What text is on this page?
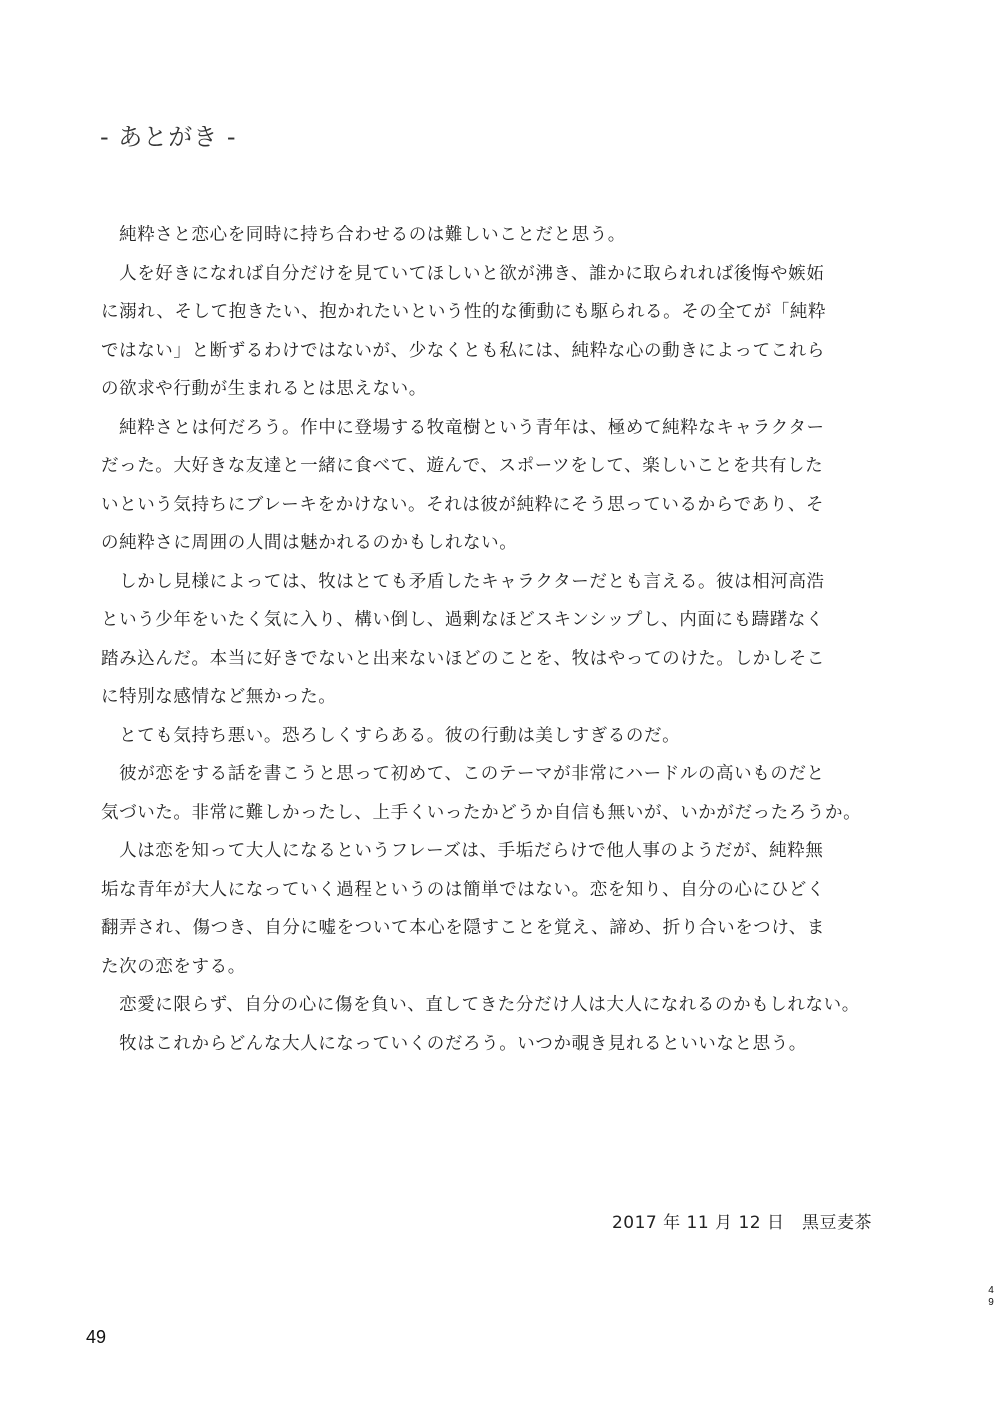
- あとがき -
　純粋さと恋心を同時に持ち合わせるのは難しいことだと思う。
　人を好きになれば自分だけを見ていてほしいと欲が沸き、誰かに取られれば後悔や嫉妬
に溺れ、そして抱きたい、抱かれたいという性的な衝動にも駆られる。その全てが「純粋
ではない」と断ずるわけではないが、少なくとも私には、純粋な心の動きによってこれら
の欲求や行動が生まれるとは思えない。
　純粋さとは何だろう。作中に登場する牧竜樹という青年は、極めて純粋なキャラクター
だった。大好きな友達と一緒に食べて、遊んで、スポーツをして、楽しいことを共有した
いという気持ちにブレーキをかけない。それは彼が純粋にそう思っているからであり、そ
の純粋さに周囲の人間は魅かれるのかもしれない。
　しかし見様によっては、牧はとても矛盾したキャラクターだとも言える。彼は相河高浩
という少年をいたく気に入り、構い倒し、過剰なほどスキンシップし、内面にも躊躇なく
踏み込んだ。本当に好きでないと出来ないほどのことを、牧はやってのけた。しかしそこ
に特別な感情など無かった。
　とても気持ち悪い。恐ろしくすらある。彼の行動は美しすぎるのだ。
　彼が恋をする話を書こうと思って初めて、このテーマが非常にハードルの高いものだと
気づいた。非常に難しかったし、上手くいったかどうか自信も無いが、いかがだったろうか。
　人は恋を知って大人になるというフレーズは、手垢だらけで他人事のようだが、純粋無
垢な青年が大人になっていく過程というのは簡単ではない。恋を知り、自分の心にひどく
翻弄され、傷つき、自分に嘘をついて本心を隠すことを覚え、諦め、折り合いをつけ、ま
た次の恋をする。
　恋愛に限らず、自分の心に傷を負い、直してきた分だけ人は大人になれるのかもしれない。
　牧はこれからどんな大人になっていくのだろう。いつか覗き見れるといいなと思う。
2017 年 11 月 12 日　黒豆麦茶
49
4
9
